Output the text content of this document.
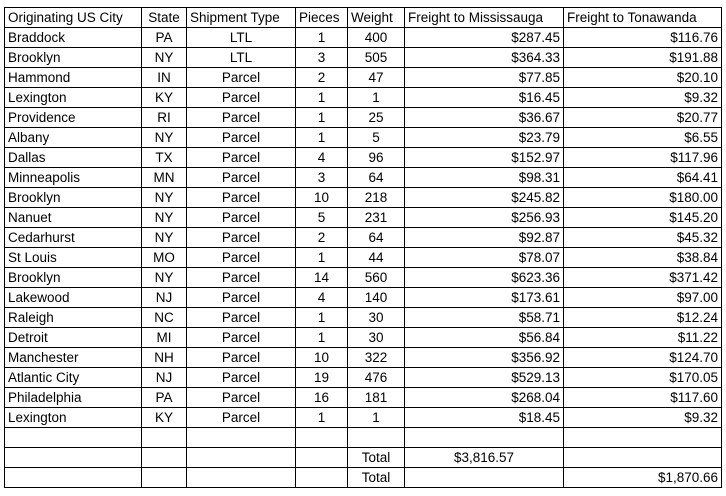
Originating US City	State	Shipment Type	Pieces	Weight	Freight to Mississauga	Freight to Tonawanda
Braddock	PA	LTL	1	400	$287.45	$116.76
Brooklyn	NY	LTL	3	505	$364.33	$191.88
Hammond	IN	Parcel	2	47	$77.85	$20.10
Lexington	KY	Parcel	1	1	$16.45	$9.32
Providence	RI	Parcel	1	25	$36.67	$20.77
Albany	NY	Parcel	1	5	$23.79	$6.55
Dallas	TX	Parcel	4	96	$152.97	$117.96
Minneapolis	MN	Parcel	3	64	$98.31	$64.41
Brooklyn	NY	Parcel	10	218	$245.82	$180.00
Nanuet	NY	Parcel	5	231	$256.93	$145.20
Cedarhurst	NY	Parcel	2	64	$92.87	$45.32
St Louis	MO	Parcel	1	44	$78.07	$38.84
Brooklyn	NY	Parcel	14	560	$623.36	$371.42
Lakewood	NJ	Parcel	4	140	$173.61	$97.00
Raleigh	NC	Parcel	1	30	$58.71	$12.24
Detroit	MI	Parcel	1	30	$56.84	$11.22
Manchester	NH	Parcel	10	322	$356.92	$124.70
Atlantic City	NJ	Parcel	19	476	$529.13	$170.05
Philadelphia	PA	Parcel	16	181	$268.04	$117.60
Lexington	KY	Parcel	1	1	$18.45	$9.32

				Total	$3,816.57	
				Total		$1,870.66
